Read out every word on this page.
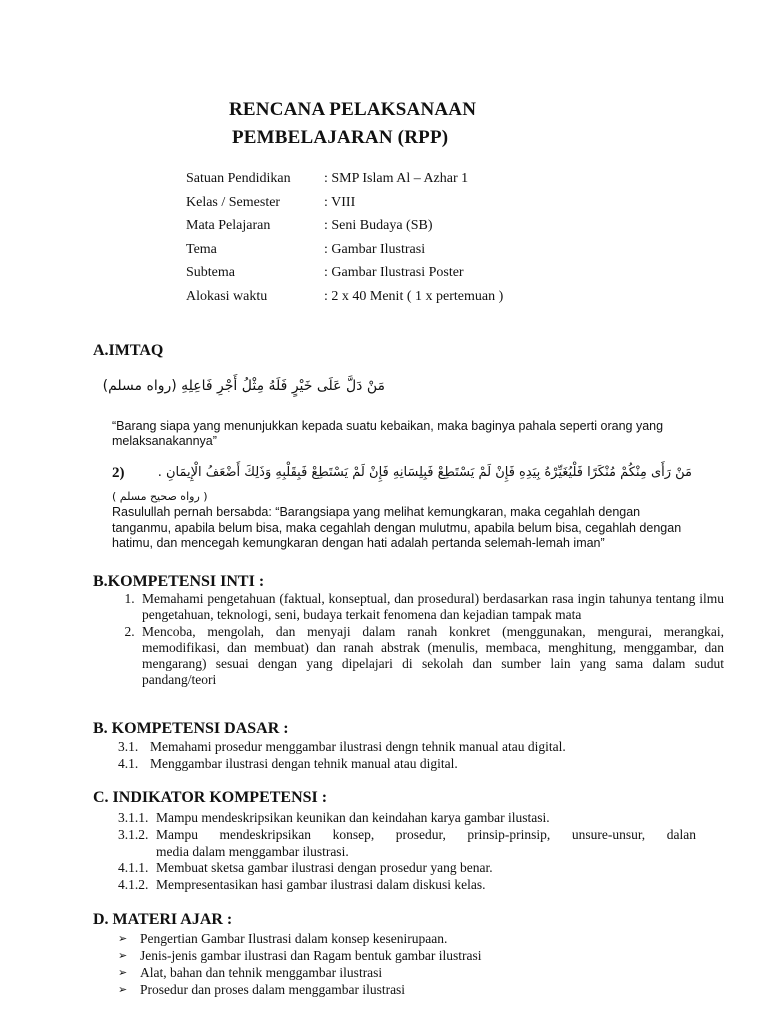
RENCANA PELAKSANAAN
PEMBELAJARAN (RPP)
Satuan Pendidikan	: SMP Islam Al – Azhar 1
Kelas / Semester	: VIII
Mata Pelajaran	: Seni Budaya (SB)
Tema	: Gambar Ilustrasi
Subtema	: Gambar Ilustrasi Poster
Alokasi waktu	: 2 x 40 Menit ( 1 x pertemuan )
A.IMTAQ
مَنْ دَلَّ عَلَى خَيْرٍ فَلَهُ مِثْلُ أَجْرِ فَاعِلِهِ (رواه مسلم)
“Barang siapa yang menunjukkan kepada suatu kebaikan, maka baginya pahala seperti orang yang melaksanakannya”
2)	مَنْ رَأَى مِنْكُمْ مُنْكَرًا فَلْيُغَيِّرْهُ بِيَدِهِ فَإِنْ لَمْ يَسْتَطِعْ فَبِلِسَانِهِ فَإِنْ لَمْ يَسْتَطِعْ فَبِقَلْبِهِ وَذَلِكَ أَضْعَفُ الْإِيمَانِ .
( رواه صحيح مسلم )
Rasulullah pernah bersabda: “Barangsiapa yang melihat kemungkaran, maka cegahlah dengan tanganmu, apabila belum bisa, maka cegahlah dengan mulutmu, apabila belum bisa, cegahlah dengan hatimu, dan mencegah kemungkaran dengan hati adalah pertanda selemah-lemah iman”
B.KOMPETENSI INTI :
1. Memahami pengetahuan (faktual, konseptual, dan prosedural) berdasarkan rasa ingin tahunya tentang ilmu pengetahuan, teknologi, seni, budaya terkait fenomena dan kejadian tampak mata
2. Mencoba, mengolah, dan menyaji dalam ranah konkret (menggunakan, mengurai, merangkai, memodifikasi, dan membuat) dan ranah abstrak (menulis, membaca, menghitung, menggambar, dan mengarang) sesuai dengan yang dipelajari di sekolah dan sumber lain yang sama dalam sudut pandang/teori
B. KOMPETENSI DASAR :
3.1. Memahami prosedur menggambar ilustrasi dengn tehnik manual atau digital.
4.1. Menggambar ilustrasi dengan tehnik manual atau digital.
C. INDIKATOR KOMPETENSI :
3.1.1. Mampu mendeskripsikan keunikan dan keindahan karya gambar ilustasi.
3.1.2. Mampu mendeskripsikan konsep, prosedur, prinsip-prinsip, unsure-unsur, dalan
media dalam menggambar ilustrasi.
4.1.1. Membuat sketsa gambar ilustrasi dengan prosedur yang benar.
4.1.2. Mempresentasikan hasi gambar ilustrasi dalam diskusi kelas.
D. MATERI AJAR :
➢ Pengertian Gambar Ilustrasi dalam konsep kesenirupaan.
➢ Jenis-jenis gambar ilustrasi dan Ragam bentuk gambar ilustrasi
➢ Alat, bahan dan tehnik menggambar ilustrasi
➢ Prosedur dan proses dalam menggambar ilustrasi
